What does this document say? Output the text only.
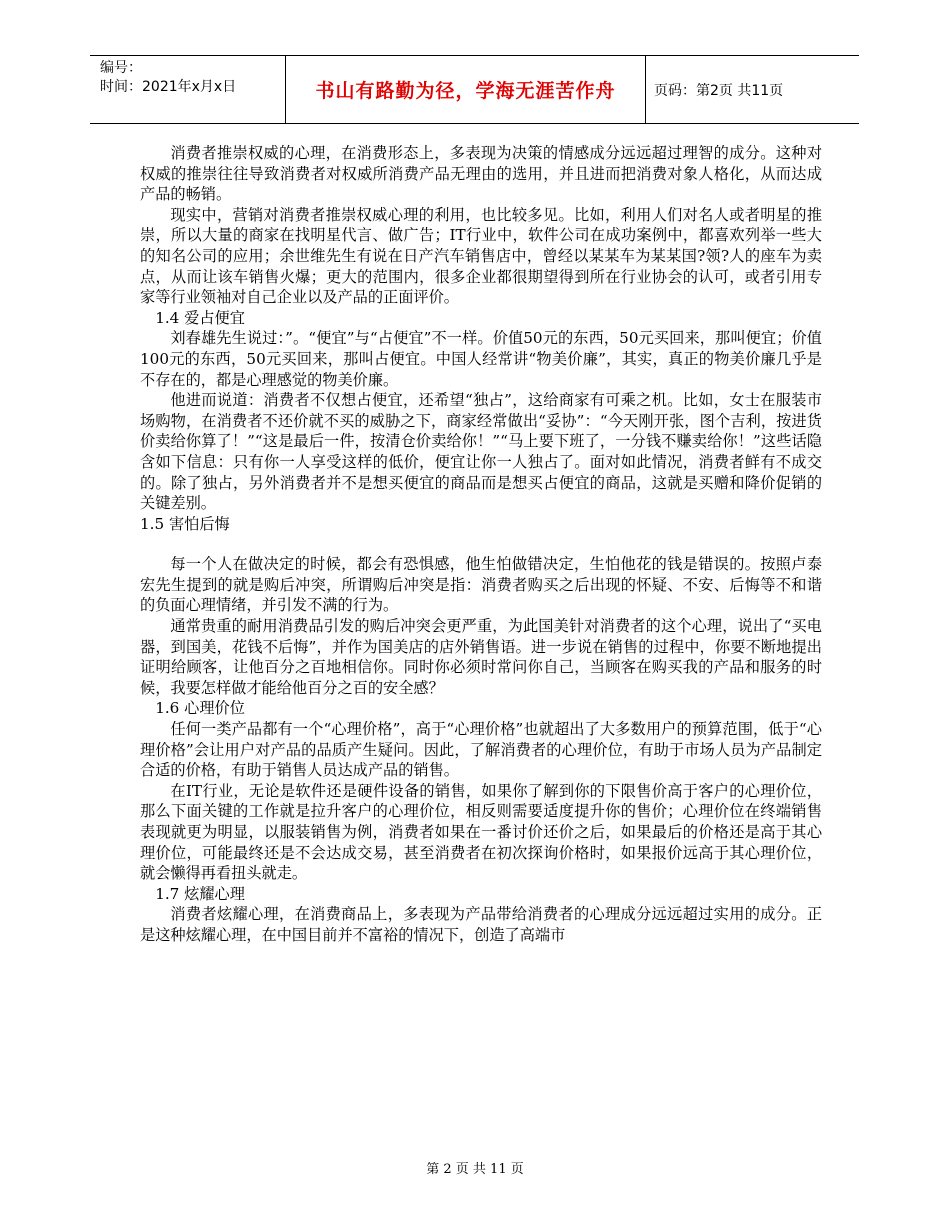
编号：
时间：2021年x月x日	书山有路勤为径，学海无涯苦作舟	页码：第2页 共11页

消费者推崇权威的心理，在消费形态上，多表现为决策的情感成分远远超过理智的成分。这种对权威的推崇往往导致消费者对权威所消费产品无理由的选用，并且进而把消费对象人格化，从而达成产品的畅销。

现实中，营销对消费者推崇权威心理的利用，也比较多见。比如，利用人们对名人或者明星的推崇，所以大量的商家在找明星代言、做广告；IT行业中，软件公司在成功案例中，都喜欢列举一些大的知名公司的应用；余世维先生有说在日产汽车销售店中，曾经以某某车为某某国?领?人的座车为卖点，从而让该车销售火爆；更大的范围内，很多企业都很期望得到所在行业协会的认可，或者引用专家等行业领袖对自己企业以及产品的正面评价。

1.4 爱占便宜

刘春雄先生说过：”。“便宜”与“占便宜”不一样。价值50元的东西，50元买回来，那叫便宜；价值100元的东西，50元买回来，那叫占便宜。中国人经常讲“物美价廉”，其实，真正的物美价廉几乎是不存在的，都是心理感觉的物美价廉。

他进而说道：消费者不仅想占便宜，还希望“独占”，这给商家有可乘之机。比如，女士在服装市场购物，在消费者不还价就不买的威胁之下，商家经常做出“妥协”：“今天刚开张，图个吉利，按进货价卖给你算了！”“这是最后一件，按清仓价卖给你！”“马上要下班了，一分钱不赚卖给你！”这些话隐含如下信息：只有你一人享受这样的低价，便宜让你一人独占了。面对如此情况，消费者鲜有不成交的。除了独占，另外消费者并不是想买便宜的商品而是想买占便宜的商品，这就是买赠和降价促销的关键差别。

1.5 害怕后悔

每一个人在做决定的时候，都会有恐惧感，他生怕做错决定，生怕他花的钱是错误的。按照卢泰宏先生提到的就是购后冲突，所谓购后冲突是指：消费者购买之后出现的怀疑、不安、后悔等不和谐的负面心理情绪，并引发不满的行为。

通常贵重的耐用消费品引发的购后冲突会更严重，为此国美针对消费者的这个心理，说出了“买电器，到国美，花钱不后悔”，并作为国美店的店外销售语。进一步说在销售的过程中，你要不断地提出证明给顾客，让他百分之百地相信你。同时你必须时常问你自己，当顾客在购买我的产品和服务的时候，我要怎样做才能给他百分之百的安全感？

1.6 心理价位

任何一类产品都有一个“心理价格”，高于“心理价格”也就超出了大多数用户的预算范围，低于“心理价格”会让用户对产品的品质产生疑问。因此，了解消费者的心理价位，有助于市场人员为产品制定合适的价格，有助于销售人员达成产品的销售。

在IT行业，无论是软件还是硬件设备的销售，如果你了解到你的下限售价高于客户的心理价位，那么下面关键的工作就是拉升客户的心理价位，相反则需要适度提升你的售价；心理价位在终端销售表现就更为明显，以服装销售为例，消费者如果在一番讨价还价之后，如果最后的价格还是高于其心理价位，可能最终还是不会达成交易，甚至消费者在初次探询价格时，如果报价远高于其心理价位，就会懒得再看扭头就走。

1.7 炫耀心理

消费者炫耀心理，在消费商品上，多表现为产品带给消费者的心理成分远远超过实用的成分。正是这种炫耀心理，在中国目前并不富裕的情况下，创造了高端市

第 2 页 共 11 页
